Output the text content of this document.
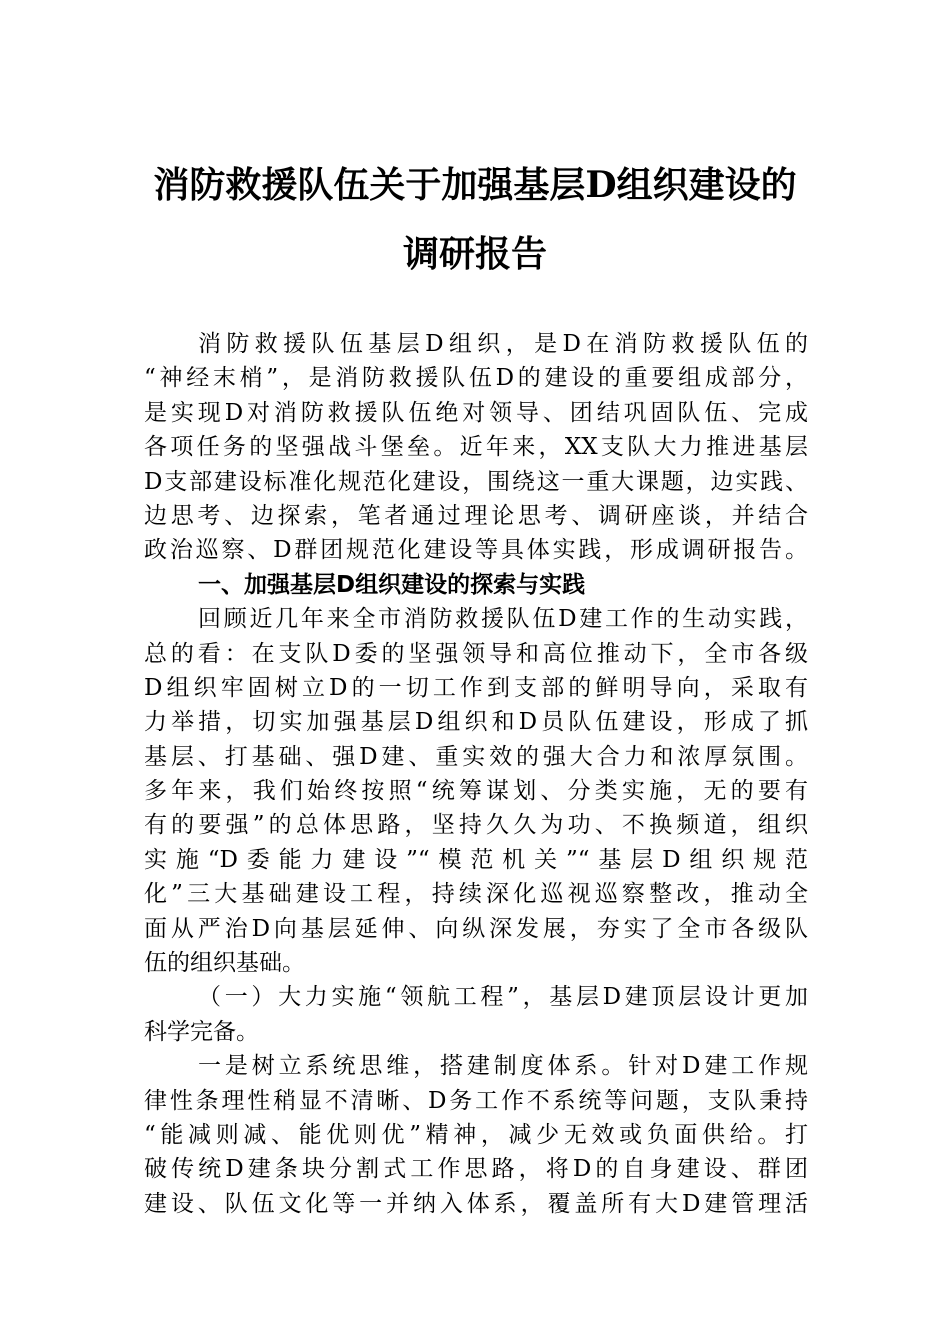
消防救援队伍关于加强基层D组织建设的
调研报告
消防救援队伍基层D组织，是D在消防救援队伍的
“神经末梢”，是消防救援队伍D的建设的重要组成部分，
是实现D对消防救援队伍绝对领导、团结巩固队伍、完成
各项任务的坚强战斗堡垒。近年来，XX支队大力推进基层
D支部建设标准化规范化建设，围绕这一重大课题，边实践、
边思考、边探索，笔者通过理论思考、调研座谈，并结合
政治巡察、D群团规范化建设等具体实践，形成调研报告。
一、加强基层D组织建设的探索与实践
回顾近几年来全市消防救援队伍D建工作的生动实践，
总的看：在支队D委的坚强领导和高位推动下，全市各级
D组织牢固树立D的一切工作到支部的鲜明导向，采取有
力举措，切实加强基层D组织和D员队伍建设，形成了抓
基层、打基础、强D建、重实效的强大合力和浓厚氛围。
多年来，我们始终按照“统筹谋划、分类实施，无的要有
有的要强”的总体思路，坚持久久为功、不换频道，组织
实施“D委能力建设”“模范机关”“基层D组织规范
化”三大基础建设工程，持续深化巡视巡察整改，推动全
面从严治D向基层延伸、向纵深发展，夯实了全市各级队
伍的组织基础。
（一）大力实施“领航工程”，基层D建顶层设计更加
科学完备。
一是树立系统思维，搭建制度体系。针对D建工作规
律性条理性稍显不清晰、D务工作不系统等问题，支队秉持
“能减则减、能优则优”精神，减少无效或负面供给。打
破传统D建条块分割式工作思路，将D的自身建设、群团
建设、队伍文化等一并纳入体系，覆盖所有大D建管理活
